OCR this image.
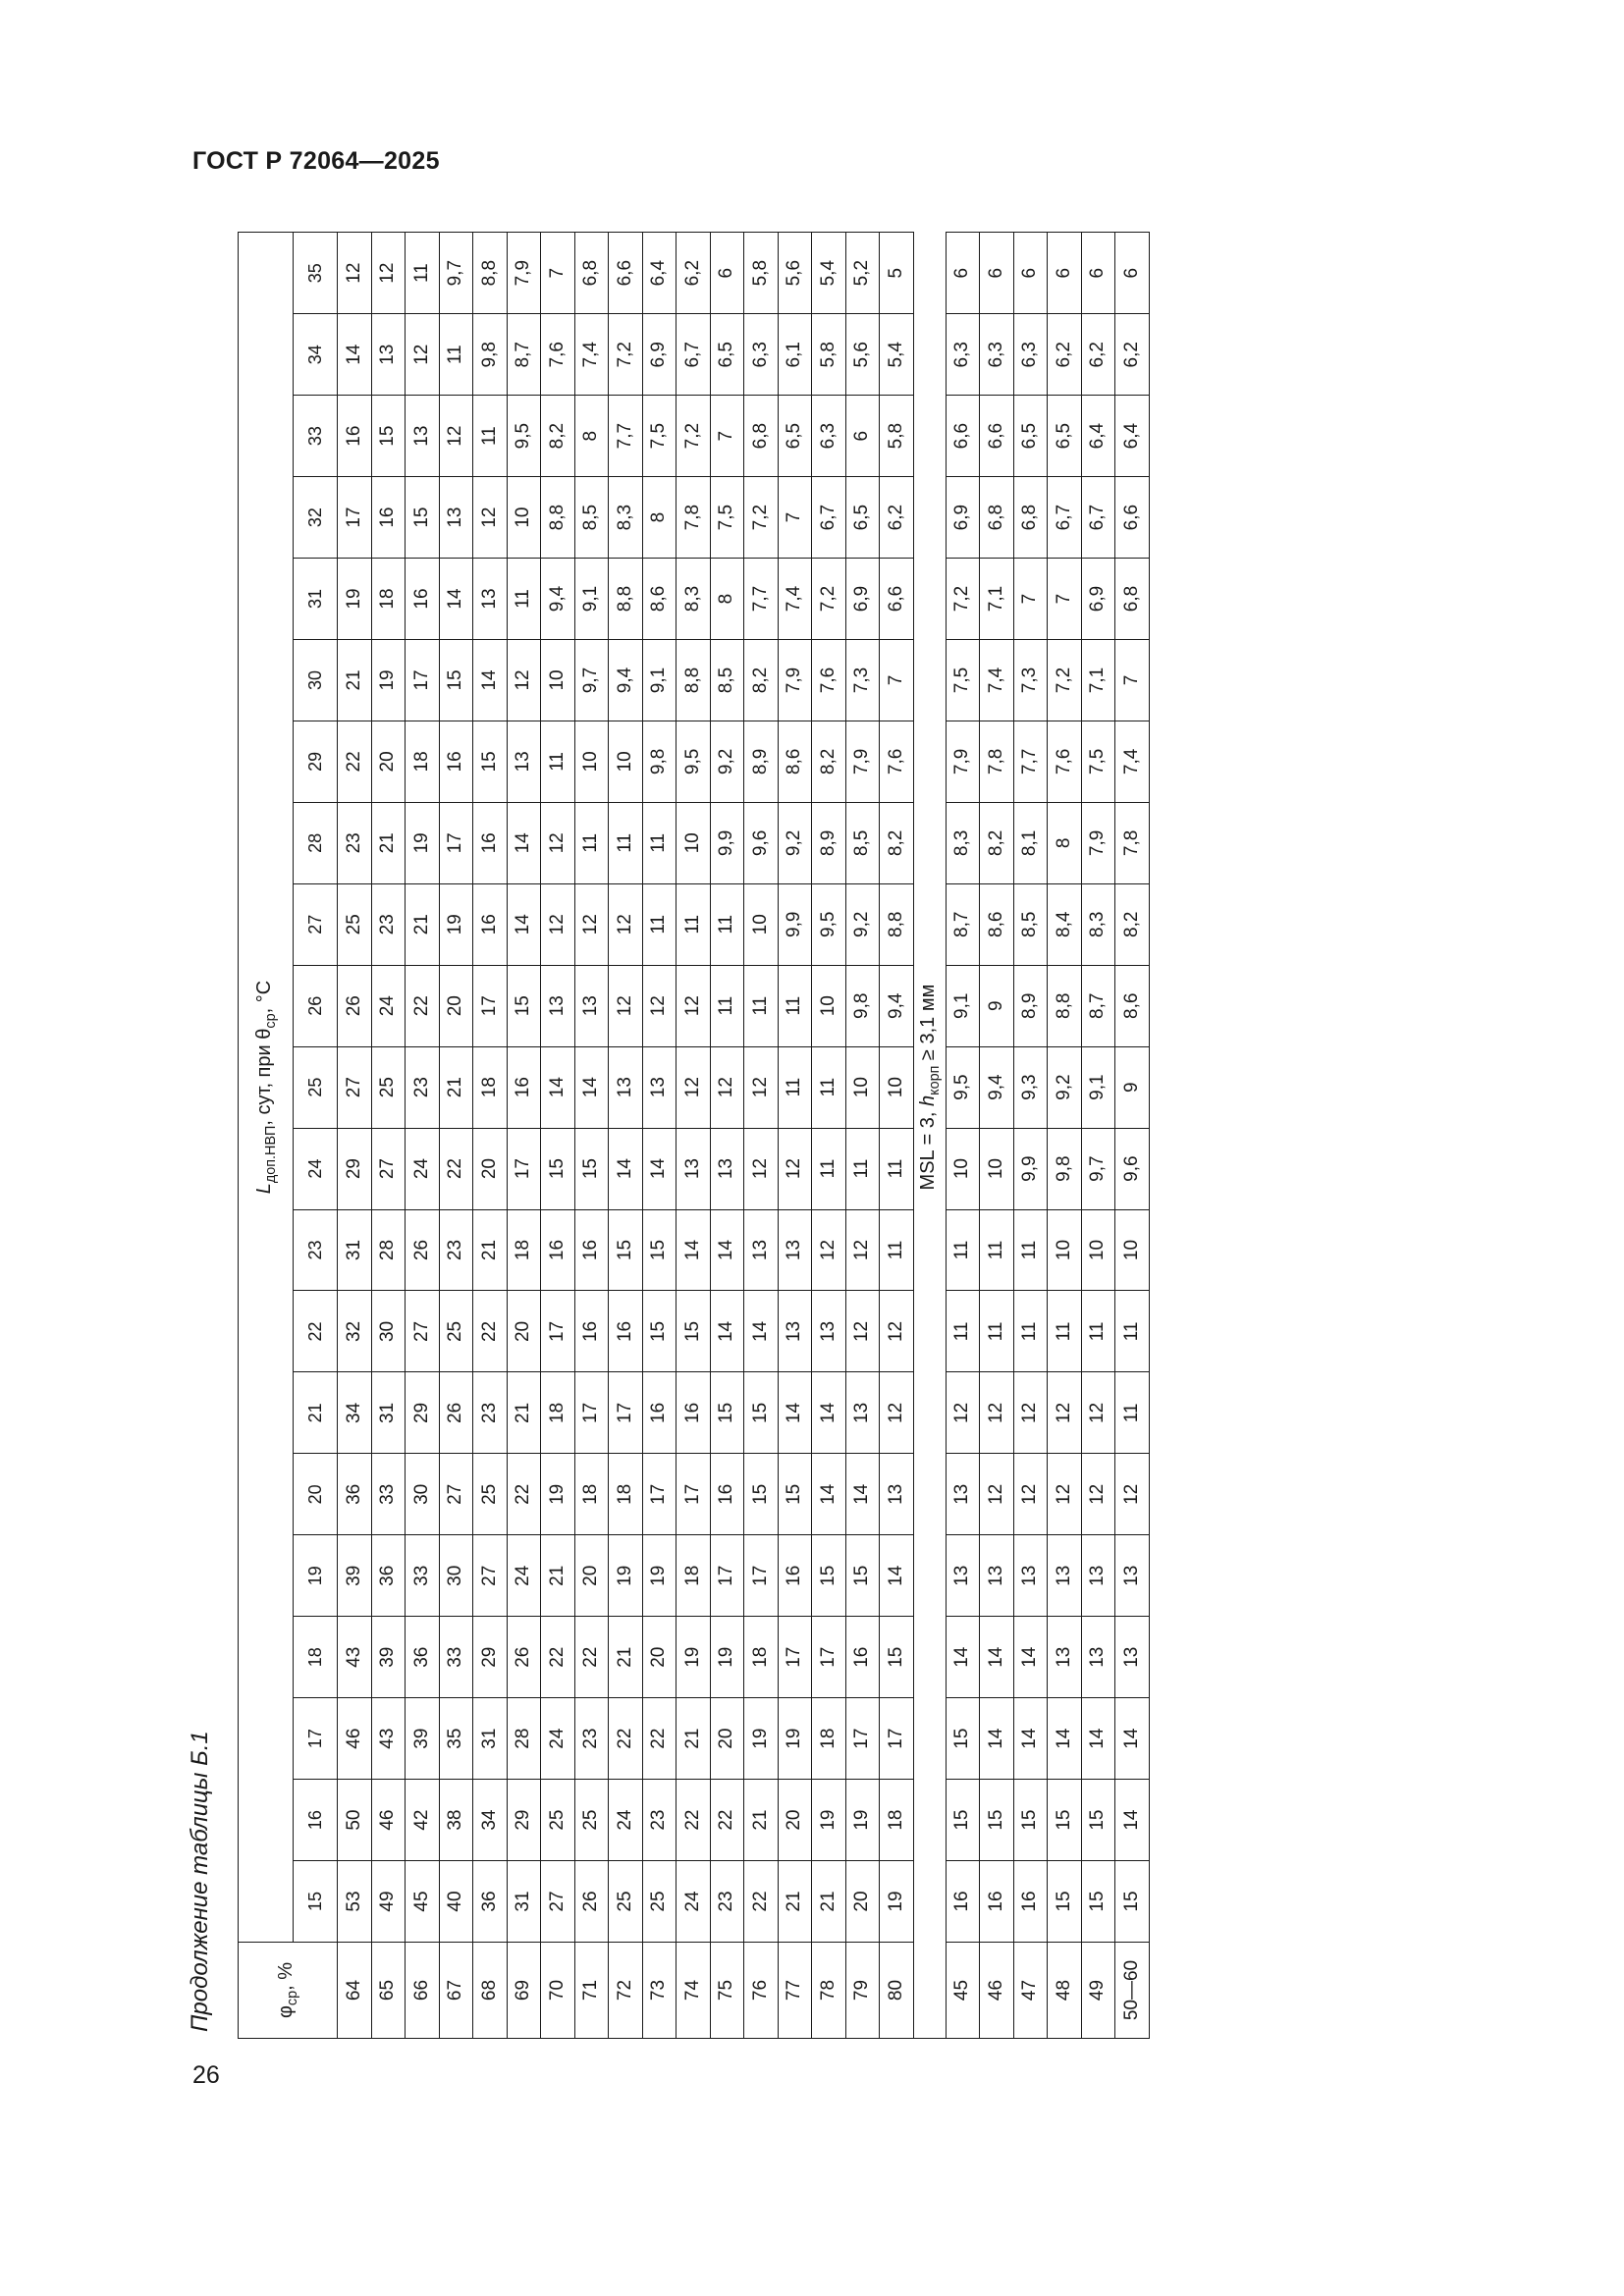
ГОСТ Р 72064—2025
Продолжение таблицы Б.1
26
$\varphi_{ср}$, %	$L_{доп.НВП}$, сут, при $\theta_{ср}$, °С																				
	15	16	17	18	19	20	21	22	23	24	25	26	27	28	29	30	31	32	33	34	35
64	53	50	46	43	39	36	34	32	31	29	27	26	25	23	22	21	19	17	16	14	12
65	49	46	43	39	36	33	31	30	28	27	25	24	23	21	20	19	18	16	15	13	12
66	45	42	39	36	33	30	29	27	26	24	23	22	21	19	18	17	16	15	13	12	11
67	40	38	35	33	30	27	26	25	23	22	21	20	19	17	16	15	14	13	12	11	9,7
68	36	34	31	29	27	25	23	22	21	20	18	17	16	16	15	14	13	12	11	9,8	8,8
69	31	29	28	26	24	22	21	20	18	17	16	15	14	14	13	12	11	10	9,5	8,7	7,9
70	27	25	24	22	21	19	18	17	16	15	14	13	12	12	11	10	9,4	8,8	8,2	7,6	7
71	26	25	23	22	20	18	17	16	16	15	14	13	12	11	10	9,7	9,1	8,5	8	7,4	6,8
72	25	24	22	21	19	18	17	16	15	14	13	12	12	11	10	9,4	8,8	8,3	7,7	7,2	6,6
73	25	23	22	20	19	17	16	15	15	14	13	12	11	11	9,8	9,1	8,6	8	7,5	6,9	6,4
74	24	22	21	19	18	17	16	15	14	13	12	12	11	10	9,5	8,8	8,3	7,8	7,2	6,7	6,2
75	23	22	20	19	17	16	15	14	14	13	12	11	11	9,9	9,2	8,5	8	7,5	7	6,5	6
76	22	21	19	18	17	15	15	14	13	12	12	11	10	9,6	8,9	8,2	7,7	7,2	6,8	6,3	5,8
77	21	20	19	17	16	15	14	13	13	12	11	11	9,9	9,2	8,6	7,9	7,4	7	6,5	6,1	5,6
78	21	19	18	17	15	14	14	13	12	11	11	10	9,5	8,9	8,2	7,6	7,2	6,7	6,3	5,8	5,4
79	20	19	17	16	15	14	13	12	12	11	10	9,8	9,2	8,5	7,9	7,3	6,9	6,5	6	5,6	5,2
80	19	18	17	15	14	13	12	12	11	11	10	9,4	8,8	8,2	7,6	7	6,6	6,2	5,8	5,4	5
	MSL = 3, $h_{корп} \ge 3,1$ мм																				
45	16	15	15	14	13	13	12	11	11	10	9,5	9,1	8,7	8,3	7,9	7,5	7,2	6,9	6,6	6,3	6
46	16	15	14	14	13	12	12	11	11	10	9,4	9	8,6	8,2	7,8	7,4	7,1	6,8	6,6	6,3	6
47	16	15	14	14	13	12	12	11	11	9,9	9,3	8,9	8,5	8,1	7,7	7,3	7	6,8	6,5	6,3	6
48	15	15	14	13	13	12	12	11	10	9,8	9,2	8,8	8,4	8	7,6	7,2	7	6,7	6,5	6,2	6
49	15	15	14	13	13	12	12	11	10	9,7	9,1	8,7	8,3	7,9	7,5	7,1	6,9	6,7	6,4	6,2	6
50—60	15	14	14	13	13	12	11	11	10	9,6	9	8,6	8,2	7,8	7,4	7	6,8	6,6	6,4	6,2	6
